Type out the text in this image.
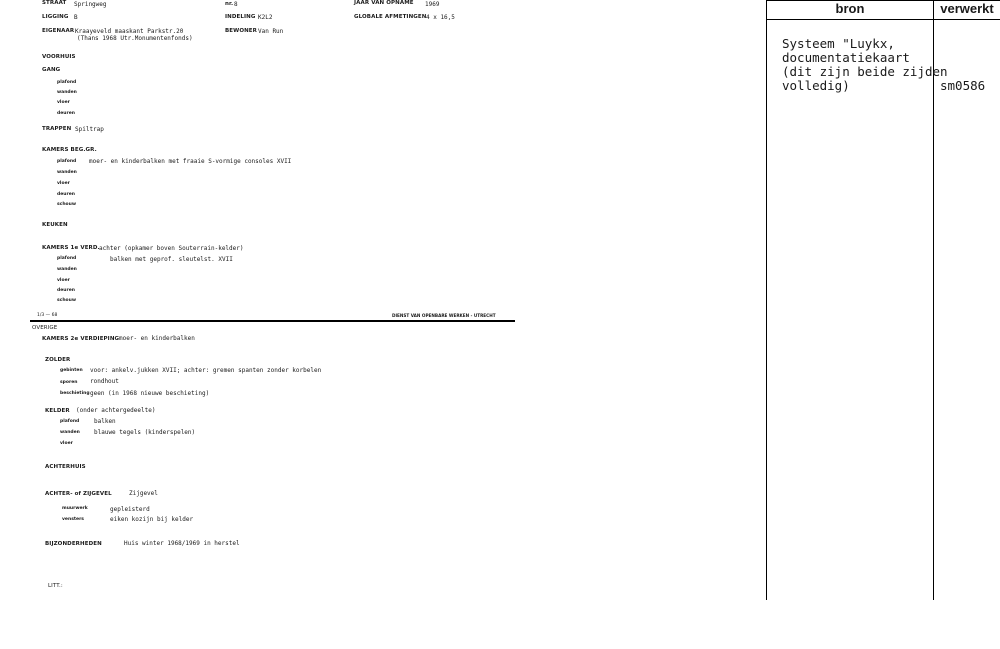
STRAAT Springweg	nr. 8	JAAR VAN OPNAME 1969
LIGGING B	INDELING K2L2	GLOBALE AFMETINGEN 4 x 16,5
EIGENAAR Kraayeveld maaskant Parkstr.20
(Thans 1968 Utr.Monumentenfonds)
BEWONER Van Run
VOORHUIS
GANG
plafond
wanden
vloer
deuren
TRAPPEN Spiltrap
KAMERS BEG.GR.
plafond moer- en kinderbalken met fraaie S-vormige consoles XVII
wanden
vloer
deuren
schouw
KEUKEN
KAMERS 1e VERD. achter (opkamer boven Souterrain-kelder)
plafond	balken met geprof. sleutelst. XVII
wanden
vloer
deuren
schouw
1/3 — 68	DIENST VAN OPENBARE WERKEN - UTRECHT
OVERIGE
KAMERS 2e VERDIEPING moer- en kinderbalken
ZOLDER
gebinten voor: ankelv.jukken XVII; achter: gremen spanten zonder korbelen
sporen rondhout
beschieting geen (in 1968 nieuwe beschieting)
KELDER (onder achtergedeelte)
plafond balken
wanden blauwe tegels (kinderspelen)
vloer
ACHTERHUIS
ACHTER- of ZIJGEVEL	Zijgevel
muurwerk	gepleisterd
vensters	eiken kozijn bij kelder
BIJZONDERHEDEN	Huis winter 1968/1969 in herstel
LITT.:
bron	verwerkt
Systeem "Luykx,
documentatiekaart
(dit zijn beide zijden
volledig)	sm0586
